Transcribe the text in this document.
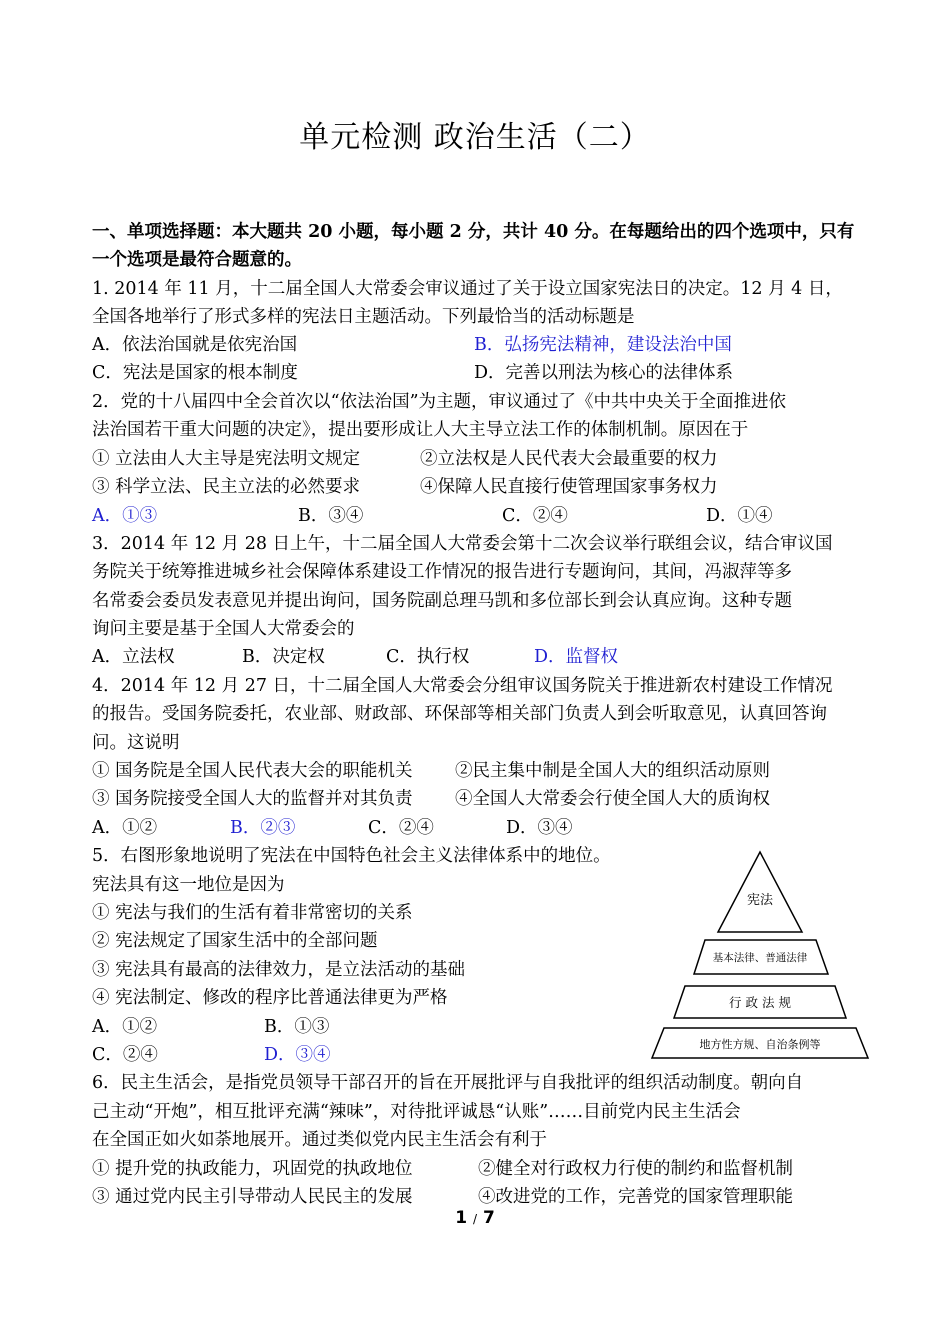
单元检测 政治生活（二）
一、单项选择题：本大题共 20 小题，每小题 2 分，共计 40 分。在每题给出的四个选项中，只有
一个选项是最符合题意的。
1. 2014 年 11 月，十二届全国人大常委会审议通过了关于设立国家宪法日的决定。12 月 4 日，
全国各地举行了形式多样的宪法日主题活动。下列最恰当的活动标题是
A．依法治国就是依宪治国	B．弘扬宪法精神，建设法治中国
C．宪法是国家的根本制度	D．完善以刑法为核心的法律体系
2．党的十八届四中全会首次以“依法治国”为主题，审议通过了《中共中央关于全面推进依
法治国若干重大问题的决定》，提出要形成让人大主导立法工作的体制机制。原因在于
① 立法由人大主导是宪法明文规定	②立法权是人民代表大会最重要的权力
③ 科学立法、民主立法的必然要求	④保障人民直接行使管理国家事务权力
A．①③	B．③④	C．②④	D．①④
3．2014 年 12 月 28 日上午，十二届全国人大常委会第十二次会议举行联组会议，结合审议国
务院关于统筹推进城乡社会保障体系建设工作情况的报告进行专题询问，其间，冯淑萍等多
名常委会委员发表意见并提出询问，国务院副总理马凯和多位部长到会认真应询。这种专题
询问主要是基于全国人大常委会的
A．立法权	B．决定权	C．执行权	D．监督权
4．2014 年 12 月 27 日，十二届全国人大常委会分组审议国务院关于推进新农村建设工作情况
的报告。受国务院委托，农业部、财政部、环保部等相关部门负责人到会听取意见，认真回答询
问。这说明
① 国务院是全国人民代表大会的职能机关 ②民主集中制是全国人大的组织活动原则
③ 国务院接受全国人大的监督并对其负责 ④全国人大常委会行使全国人大的质询权
A．①②	B．②③	C．②④	D．③④
5．右图形象地说明了宪法在中国特色社会主义法律体系中的地位。
宪法具有这一地位是因为
① 宪法与我们的生活有着非常密切的关系
② 宪法规定了国家生活中的全部问题
③ 宪法具有最高的法律效力，是立法活动的基础
④ 宪法制定、修改的程序比普通法律更为严格
A．①②	B．①③
C．②④	D．③④
宪法
基本法律、普通法律
行 政 法 规
地方性方规、自治条例等
6．民主生活会，是指党员领导干部召开的旨在开展批评与自我批评的组织活动制度。朝向自
己主动“开炮”，相互批评充满“辣味”，对待批评诚恳“认账”……目前党内民主生活会
在全国正如火如荼地展开。通过类似党内民主生活会有利于
① 提升党的执政能力，巩固党的执政地位	②健全对行政权力行使的制约和监督机制
③ 通过党内民主引导带动人民民主的发展	④改进党的工作，完善党的国家管理职能
1 / 7
